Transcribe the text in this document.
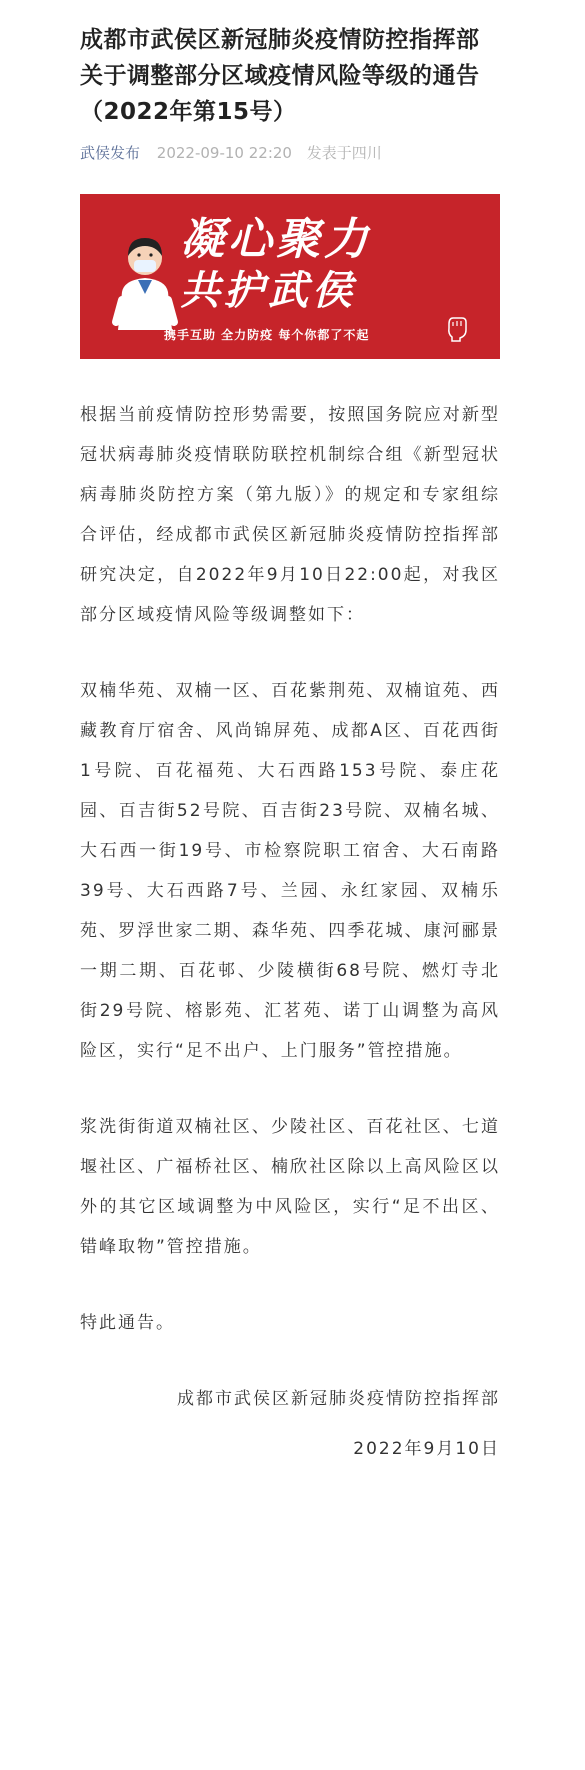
成都市武侯区新冠肺炎疫情防控指挥部关于调整部分区域疫情风险等级的通告（2022年第15号）
武侯发布 2022-09-10 22:20 发表于四川
凝心聚力
共护武侯
携手互助 全力防疫 每个你都了不起

根据当前疫情防控形势需要，按照国务院应对新型冠状病毒肺炎疫情联防联控机制综合组《新型冠状病毒肺炎防控方案（第九版）》的规定和专家组综合评估，经成都市武侯区新冠肺炎疫情防控指挥部研究决定，自2022年9月10日22:00起，对我区部分区域疫情风险等级调整如下：

双楠华苑、双楠一区、百花紫荆苑、双楠谊苑、西藏教育厅宿舍、风尚锦屏苑、成都A区、百花西街1号院、百花福苑、大石西路153号院、泰庄花园、百吉街52号院、百吉街23号院、双楠名城、大石西一街19号、市检察院职工宿舍、大石南路39号、大石西路7号、兰园、永红家园、双楠乐苑、罗浮世家二期、森华苑、四季花城、康河郦景一期二期、百花邨、少陵横街68号院、燃灯寺北街29号院、榕影苑、汇茗苑、诺丁山调整为高风险区，实行“足不出户、上门服务”管控措施。

浆洗街街道双楠社区、少陵社区、百花社区、七道堰社区、广福桥社区、楠欣社区除以上高风险区以外的其它区域调整为中风险区，实行“足不出区、错峰取物”管控措施。

特此通告。

成都市武侯区新冠肺炎疫情防控指挥部
2022年9月10日
